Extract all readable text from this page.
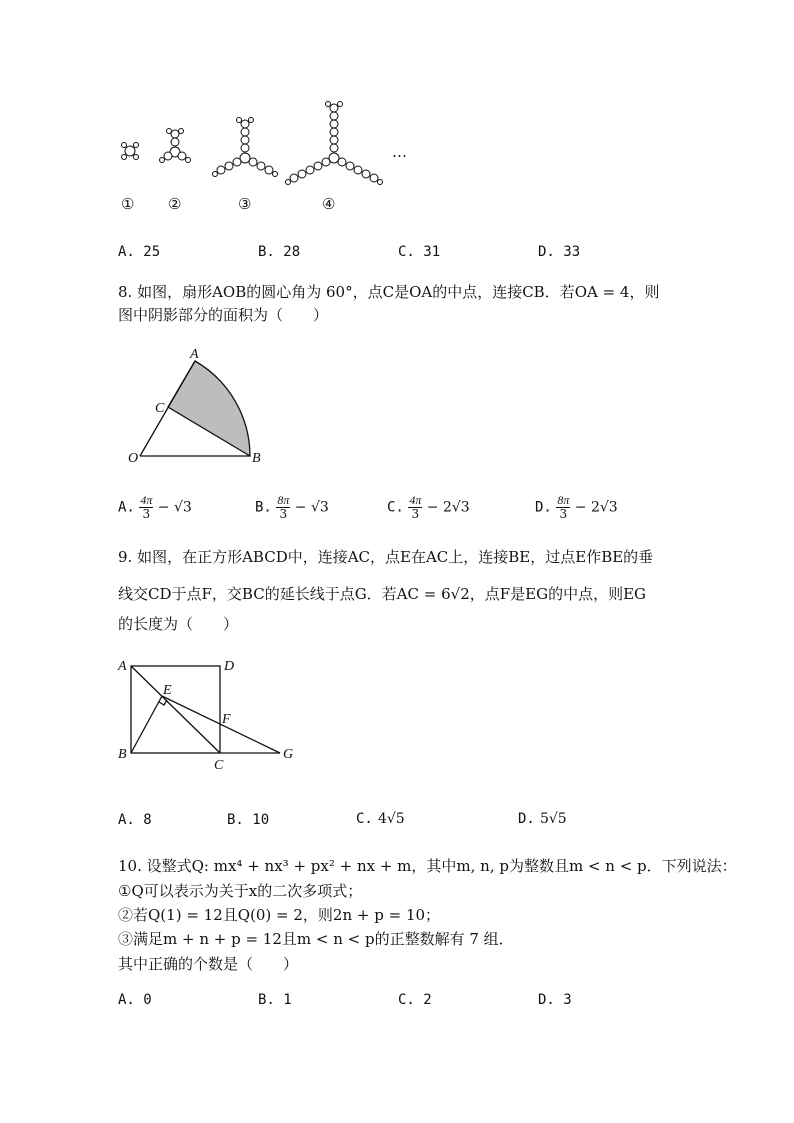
…
① ②	③	④
A. 25	B. 28	C. 31	D. 33
8. 如图，扇形AOB的圆心角为 60°，点C是OA的中点，连接CB．若OA = 4，则
图中阴影部分的面积为（　　）
A
C
O	B
A. $\frac{4\pi}{3} - √3$	B. $\frac{8\pi}{3} - √3$	C. $\frac{4\pi}{3} - 2√3$	D. $\frac{8\pi}{3} - 2√3$
9. 如图，在正方形ABCD中，连接AC，点E在AC上，连接BE，过点E作BE的垂
线交CD于点F，交BC的延长线于点G．若AC = 6√2，点F是EG的中点，则EG
的长度为（　　）
A	D
E
F
B
C
G
A. 8	B. 10	C. 4√5	D. 5√5
10. 设整式Q: mx⁴ + nx³ + px² + nx + m，其中m, n, p为整数且m < n < p．下列说法：
①Q可以表示为关于x的二次多项式；
②若Q(1) = 12且Q(0) = 2，则2n + p = 10；
③满足m + n + p = 12且m < n < p的正整数解有 7 组．
其中正确的个数是（　　）
A. 0	B. 1	C. 2	D. 3
